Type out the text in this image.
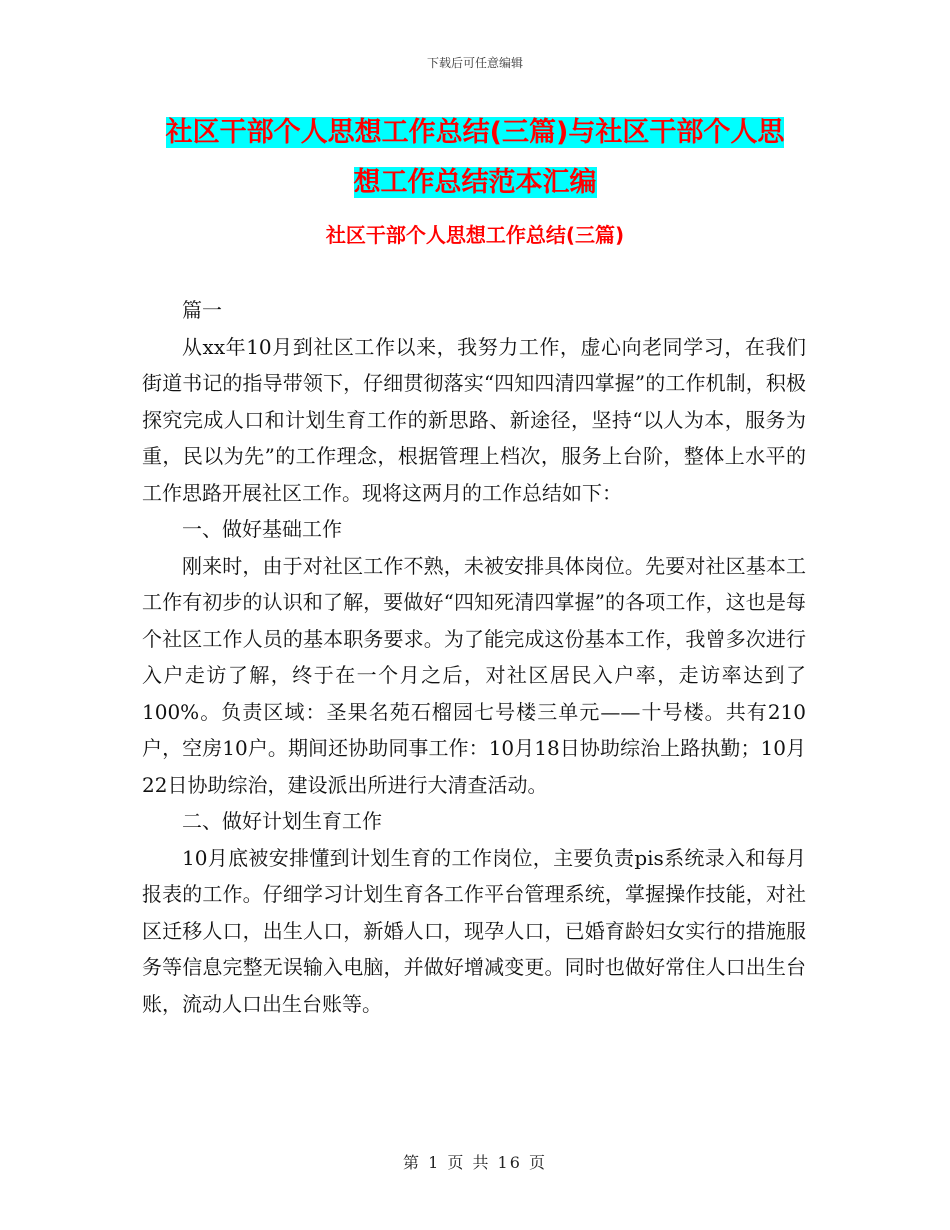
下载后可任意编辑
社区干部个人思想工作总结(三篇)与社区干部个人思
想工作总结范本汇编
社区干部个人思想工作总结(三篇)

篇一

从xx年10月到社区工作以来，我努力工作，虚心向老同学习，在我们街道书记的指导带领下，仔细贯彻落实“四知四清四掌握”的工作机制，积极探究完成人口和计划生育工作的新思路、新途径，坚持“以人为本，服务为重，民以为先”的工作理念，根据管理上档次，服务上台阶，整体上水平的工作思路开展社区工作。现将这两月的工作总结如下：

一、做好基础工作

刚来时，由于对社区工作不熟，未被安排具体岗位。先要对社区基本工工作有初步的认识和了解，要做好“四知死清四掌握”的各项工作，这也是每个社区工作人员的基本职务要求。为了能完成这份基本工作，我曾多次进行入户走访了解，终于在一个月之后，对社区居民入户率，走访率达到了100%。负责区域：圣果名苑石榴园七号楼三单元——十号楼。共有210户，空房10户。期间还协助同事工作：10月18日协助综治上路执勤；10月22日协助综治，建设派出所进行大清查活动。

二、做好计划生育工作

10月底被安排懂到计划生育的工作岗位，主要负责pis系统录入和每月报表的工作。仔细学习计划生育各工作平台管理系统，掌握操作技能，对社区迁移人口，出生人口，新婚人口，现孕人口，已婚育龄妇女实行的措施服务等信息完整无误输入电脑，并做好增减变更。同时也做好常住人口出生台账，流动人口出生台账等。

第 1 页 共 16 页
